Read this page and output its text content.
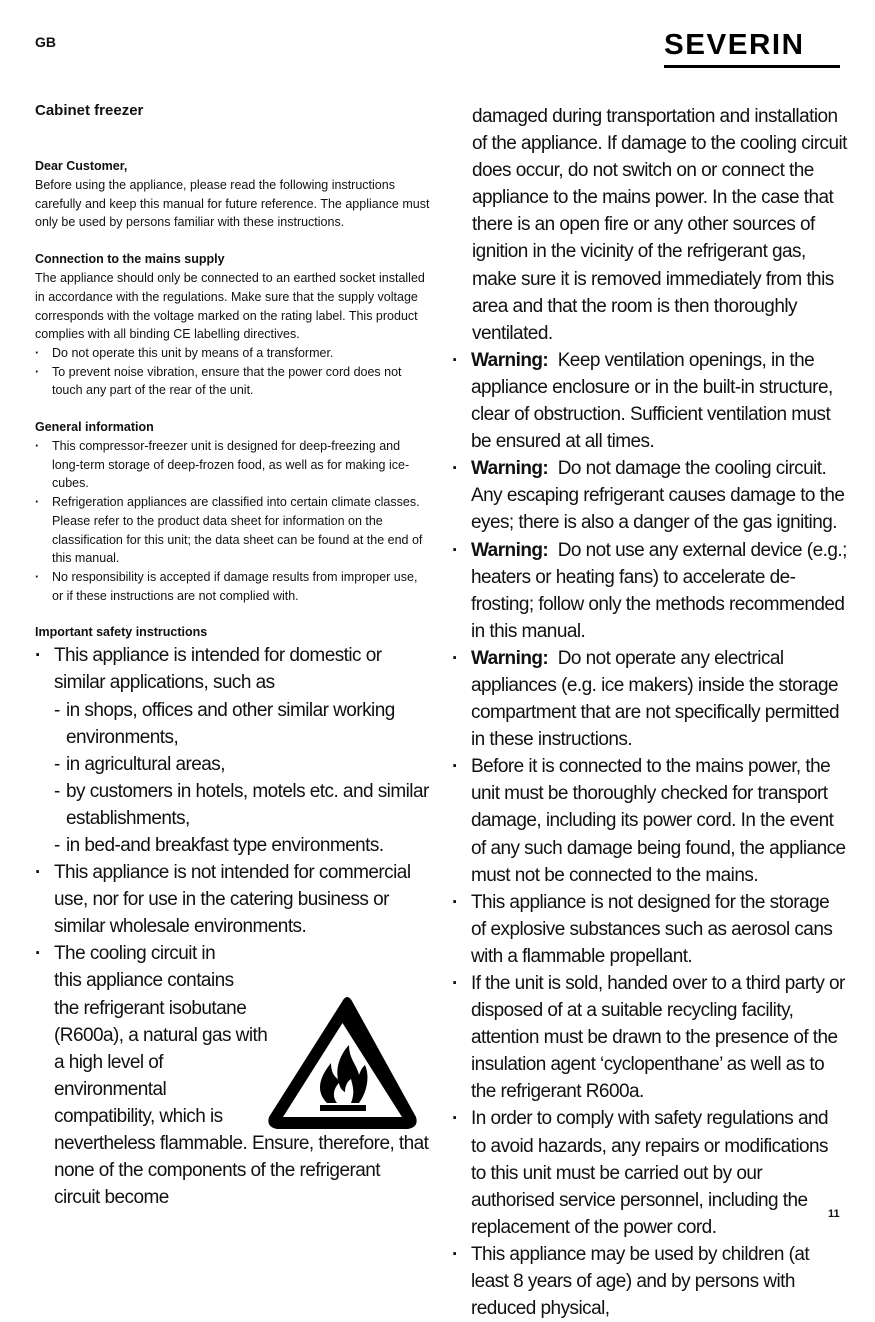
GB	SEVERIN
Cabinet freezer
Dear Customer,

Before using the appliance, please read the following instructions carefully and keep this manual for future reference. The appliance must only be used by persons familiar with these instructions.

Connection to the mains supply

The appliance should only be connected to an earthed socket installed in accordance with the regulations. Make sure that the supply voltage corresponds with the voltage marked on the rating label. This product complies with all binding CE labelling directives.

· Do not operate this unit by means of a transformer.
· To prevent noise vibration, ensure that the power cord does not touch any part of the rear of the unit.
General information
· This compressor-freezer unit is designed for deep-freezing and long-term storage of deep-frozen food, as well as for making ice-cubes.
· Refrigeration appliances are classified into certain climate classes. Please refer to the product data sheet for information on the classification for this unit; the data sheet can be found at the end of this manual.
· No responsibility is accepted if damage results from improper use, or if these instructions are not complied with.
Important safety instructions
· This appliance is intended for domestic or similar applications, such as
- in shops, offices and other similar working environments,
- in agricultural areas,
- by customers in hotels, motels etc. and similar establishments,
- in bed-and breakfast type environments.
· This appliance is not intended for commercial use, nor for use in the catering business or similar wholesale environments.
· The cooling circuit in
this appliance contains
the refrigerant isobutane
(R600a), a natural gas with
a high level of environmental
compatibility, which is
nevertheless flammable. Ensure, therefore, that none of the components of the refrigerant circuit become
damaged during transportation and installation of the appliance. If damage to the cooling circuit does occur, do not switch on or connect the appliance to the mains power. In the case that there is an open fire or any other sources of ignition in the vicinity of the refrigerant gas, make sure it is removed immediately from this area and that the room is then thoroughly ventilated.
· Warning: Keep ventilation openings, in the appliance enclosure or in the built-in structure, clear of obstruction. Sufficient ventilation must be ensured at all times.
· Warning: Do not damage the cooling circuit. Any escaping refrigerant causes damage to the eyes; there is also a danger of the gas igniting.
· Warning: Do not use any external device (e.g.; heaters or heating fans) to accelerate de-frosting; follow only the methods recommended in this manual.
· Warning: Do not operate any electrical appliances (e.g. ice makers) inside the storage compartment that are not specifically permitted in these instructions.
· Before it is connected to the mains power, the unit must be thoroughly checked for transport damage, including its power cord. In the event of any such damage being found, the appliance must not be connected to the mains.
· This appliance is not designed for the storage of explosive substances such as aerosol cans with a flammable propellant.
· If the unit is sold, handed over to a third party or disposed of at a suitable recycling facility, attention must be drawn to the presence of the insulation agent ‘cyclopenthane’ as well as to the refrigerant R600a.
· In order to comply with safety regulations and to avoid hazards, any repairs or modifications to this unit must be carried out by our authorised service personnel, including the replacement of the power cord.
· This appliance may be used by children (at least 8 years of age) and by persons with reduced physical,
11
